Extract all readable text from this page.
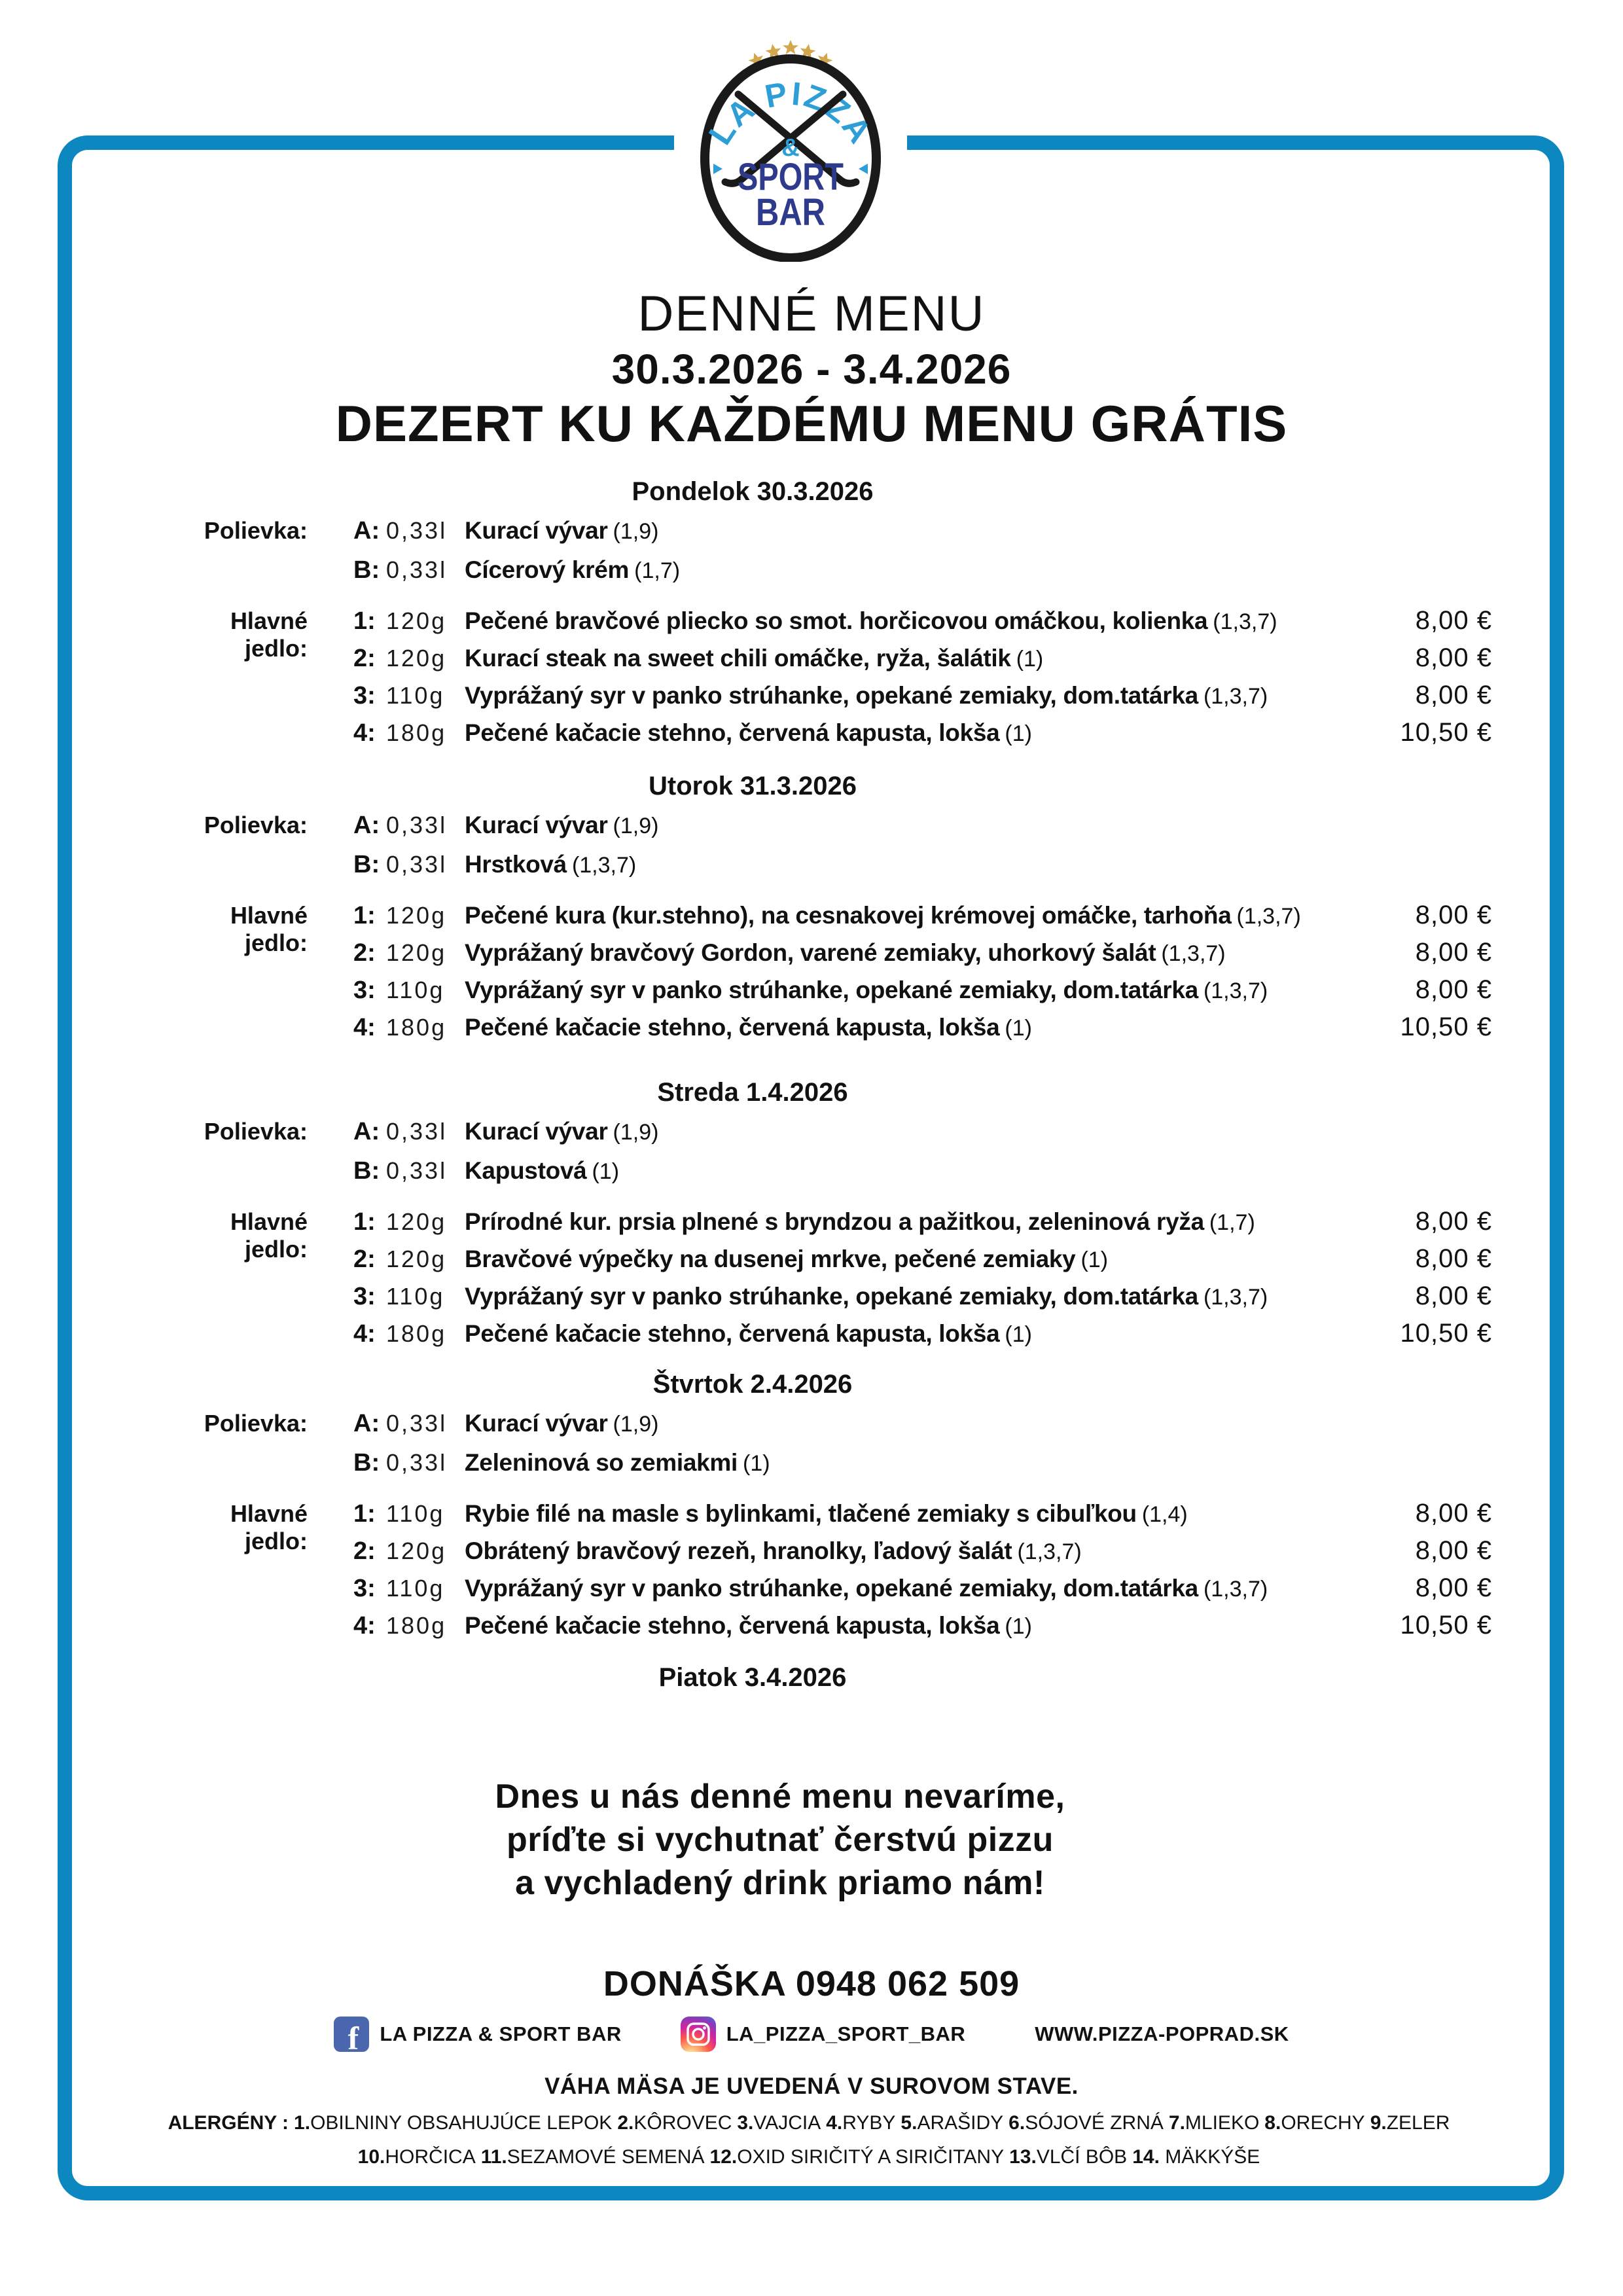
LA PIZZA
&
SPORT
BAR
DENNÉ MENU
30.3.2026 - 3.4.2026
DEZERT KU KAŽDÉMU MENU GRÁTIS
Pondelok 30.3.2026
Polievka: A: 0,33l Kurací vývar (1,9)
B: 0,33l Cícerový krém (1,7)
Hlavné jedlo:
1: 120g Pečené bravčové pliecko so smot. horčicovou omáčkou, kolienka (1,3,7)	8,00 €
2: 120g Kurací steak na sweet chili omáčke, ryža, šalátik (1)	8,00 €
3: 110g Vyprážaný syr v panko strúhanke, opekané zemiaky, dom.tatárka (1,3,7)	8,00 €
4: 180g Pečené kačacie stehno, červená kapusta, lokša (1)	10,50 €
Utorok 31.3.2026
Polievka: A: 0,33l Kurací vývar (1,9)
B: 0,33l Hrstková (1,3,7)
Hlavné jedlo:
1: 120g Pečené kura (kur.stehno), na cesnakovej krémovej omáčke, tarhoňa (1,3,7)	8,00 €
2: 120g Vyprážaný bravčový Gordon, varené zemiaky, uhorkový šalát (1,3,7)	8,00 €
3: 110g Vyprážaný syr v panko strúhanke, opekané zemiaky, dom.tatárka (1,3,7)	8,00 €
4: 180g Pečené kačacie stehno, červená kapusta, lokša (1)	10,50 €
Streda 1.4.2026
Polievka: A: 0,33l Kurací vývar (1,9)
B: 0,33l Kapustová (1)
Hlavné jedlo:
1: 120g Prírodné kur. prsia plnené s bryndzou a pažitkou, zeleninová ryža (1,7)	8,00 €
2: 120g Bravčové výpečky na dusenej mrkve, pečené zemiaky (1)	8,00 €
3: 110g Vyprážaný syr v panko strúhanke, opekané zemiaky, dom.tatárka (1,3,7)	8,00 €
4: 180g Pečené kačacie stehno, červená kapusta, lokša (1)	10,50 €
Štvrtok 2.4.2026
Polievka: A: 0,33l Kurací vývar (1,9)
B: 0,33l Zeleninová so zemiakmi (1)
Hlavné jedlo:
1: 110g Rybie filé na masle s bylinkami, tlačené zemiaky s cibuľkou (1,4)	8,00 €
2: 120g Obrátený bravčový rezeň, hranolky, ľadový šalát (1,3,7)	8,00 €
3: 110g Vyprážaný syr v panko strúhanke, opekané zemiaky, dom.tatárka (1,3,7)	8,00 €
4: 180g Pečené kačacie stehno, červená kapusta, lokša (1)	10,50 €
Piatok 3.4.2026
Dnes u nás denné menu nevaríme,
príďte si vychutnať čerstvú pizzu
a vychladený drink priamo nám!
DONÁŠKA 0948 062 509
f LA PIZZA & SPORT BAR	LA_PIZZA_SPORT_BAR	WWW.PIZZA-POPRAD.SK
VÁHA MÄSA JE UVEDENÁ V SUROVOM STAVE.
ALERGÉNY : 1.OBILNINY OBSAHUJÚCE LEPOK 2.KÔROVEC 3.VAJCIA 4.RYBY 5.ARAŠIDY 6.SÓJOVÉ ZRNÁ 7.MLIEKO 8.ORECHY 9.ZELER
10.HORČICA 11.SEZAMOVÉ SEMENÁ 12.OXID SIRIČITÝ A SIRIČITANY 13.VLČÍ BÔB 14. MÄKKÝŠE
